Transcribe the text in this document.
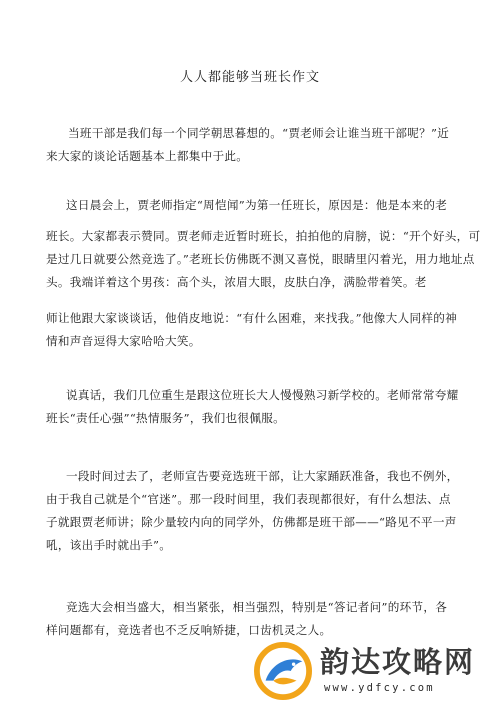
人人都能够当班长作文
当班干部是我们每一个同学朝思暮想的。“贾老师会让谁当班干部呢？”近
来大家的谈论话题基本上都集中于此。
这日晨会上，贾老师指定“周恺闻”为第一任班长，原因是：他是本来的老
班长。大家都表示赞同。贾老师走近暂时班长，拍拍他的肩膀，说：“开个好头，可
是过几日就要公然竞选了。”老班长仿佛既不测又喜悦，眼睛里闪着光，用力地址点
头。我端详着这个男孩：高个头，浓眉大眼，皮肤白净，满脸带着笑。老
师让他跟大家谈谈话，他俏皮地说：“有什么困难，来找我。”他像大人同样的神
情和声音逗得大家哈哈大笑。
说真话，我们几位重生是跟这位班长大人慢慢熟习新学校的。老师常常夸耀
班长“责任心强”“热情服务”，我们也很佩服。
一段时间过去了，老师宣告要竞选班干部，让大家踊跃准备，我也不例外，
由于我自己就是个“官迷”。那一段时间里，我们表现都很好，有什么想法、点
子就跟贾老师讲；除少量较内向的同学外，仿佛都是班干部——“路见不平一声
吼，该出手时就出手”。
竞选大会相当盛大，相当紧张，相当强烈，特别是“答记者问”的环节，各
样问题都有，竞选者也不乏反响矫捷，口齿机灵之人。
韵达攻略网
www.ydfcy.com
